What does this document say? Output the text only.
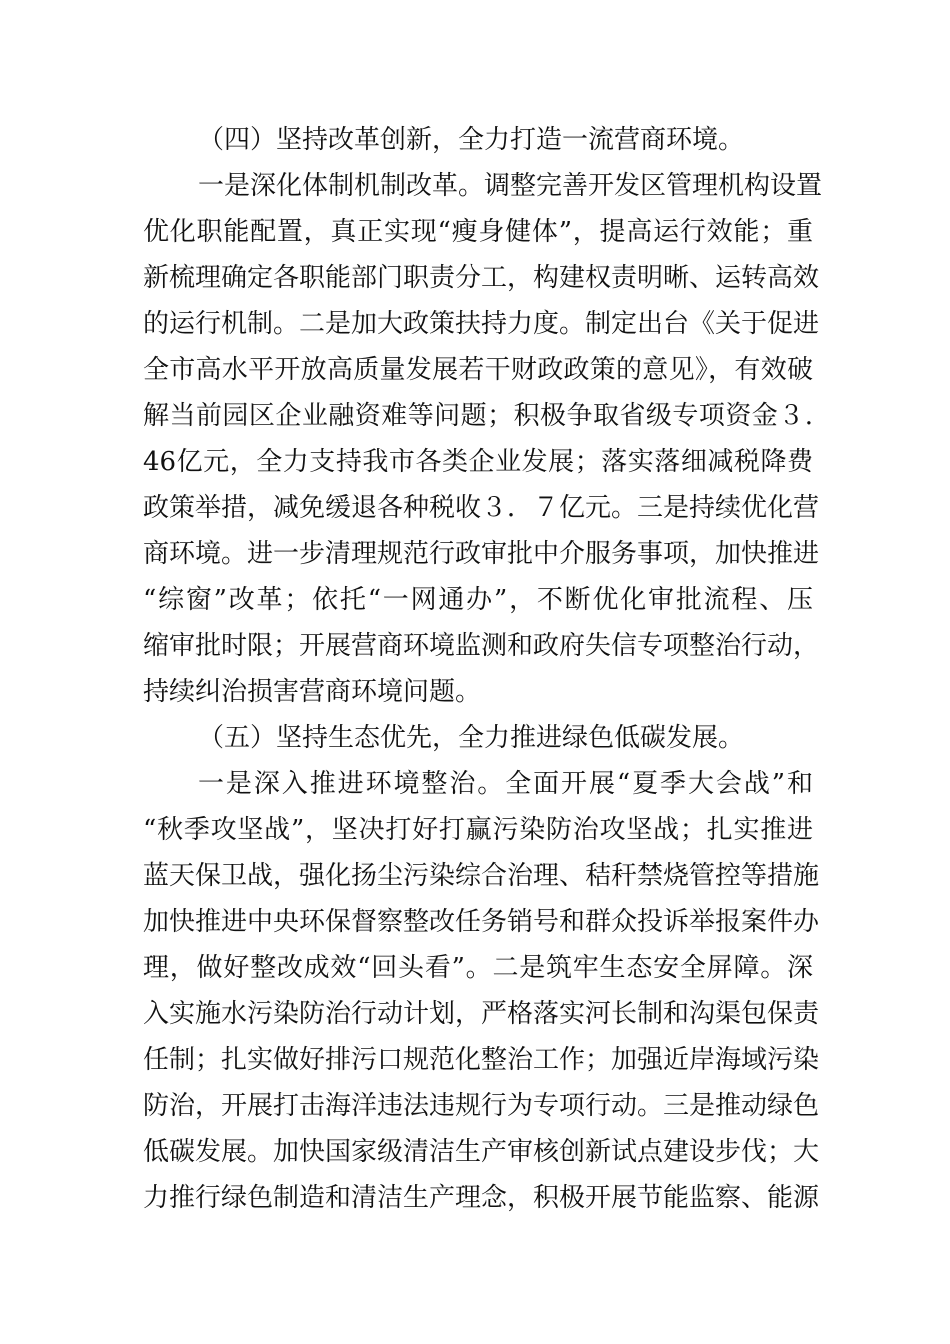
（四）坚持改革创新，全力打造一流营商环境。
一是深化体制机制改革。调整完善开发区管理机构设置
优化职能配置，真正实现“瘦身健体”，提高运行效能；重
新梳理确定各职能部门职责分工，构建权责明晰、运转高效
的运行机制。二是加大政策扶持力度。制定出台《关于促进
全市高水平开放高质量发展若干财政政策的意见》，有效破
解当前园区企业融资难等问题；积极争取省级专项资金３.
46亿元，全力支持我市各类企业发展；落实落细减税降费
政策举措，减免缓退各种税收３．７亿元。三是持续优化营
商环境。进一步清理规范行政审批中介服务事项，加快推进
“综窗”改革；依托“一网通办”，不断优化审批流程、压
缩审批时限；开展营商环境监测和政府失信专项整治行动，
持续纠治损害营商环境问题。
（五）坚持生态优先，全力推进绿色低碳发展。
一是深入推进环境整治。全面开展“夏季大会战”和
“秋季攻坚战”，坚决打好打赢污染防治攻坚战；扎实推进
蓝天保卫战，强化扬尘污染综合治理、秸秆禁烧管控等措施
加快推进中央环保督察整改任务销号和群众投诉举报案件办
理，做好整改成效“回头看”。二是筑牢生态安全屏障。深
入实施水污染防治行动计划，严格落实河长制和沟渠包保责
任制；扎实做好排污口规范化整治工作；加强近岸海域污染
防治，开展打击海洋违法违规行为专项行动。三是推动绿色
低碳发展。加快国家级清洁生产审核创新试点建设步伐；大
力推行绿色制造和清洁生产理念，积极开展节能监察、能源
